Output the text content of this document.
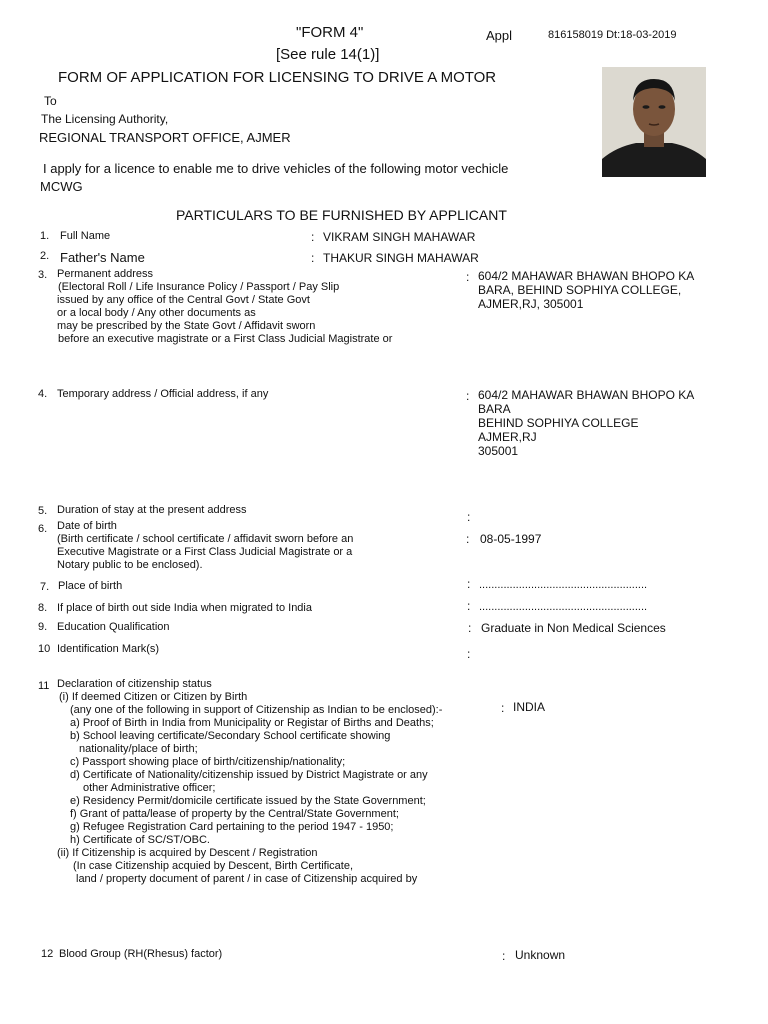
"FORM 4"
[See rule 14(1)]
Appl	816158019 Dt:18-03-2019
FORM OF APPLICATION FOR LICENSING TO DRIVE A MOTOR
To
The Licensing Authority,
REGIONAL TRANSPORT OFFICE, AJMER
I apply for a licence to enable me to drive vehicles of the following motor vechicle
MCWG
PARTICULARS TO BE FURNISHED BY APPLICANT
1. Full Name	: VIKRAM SINGH MAHAWAR
2. Father's Name	: THAKUR SINGH MAHAWAR
3. Permanent address
(Electoral Roll / Life Insurance Policy / Passport / Pay Slip
issued by any office of the Central Govt / State Govt
or a local body / Any other documents as
may be prescribed by the State Govt / Affidavit sworn
before an executive magistrate or a First Class Judicial Magistrate or
: 604/2 MAHAWAR BHAWAN BHOPO KA
BARA, BEHIND SOPHIYA COLLEGE,
AJMER,RJ, 305001
4. Temporary address / Official address, if any	: 604/2 MAHAWAR BHAWAN BHOPO KA
BARA
BEHIND SOPHIYA COLLEGE
AJMER,RJ
305001
5. Duration of stay at the present address	:
6. Date of birth
(Birth certificate / school certificate / affidavit sworn before an
Executive Magistrate or a First Class Judicial Magistrate or a
Notary public to be enclosed).
: 08-05-1997
7. Place of birth	: .......................................................
8. If place of birth out side India when migrated to India	: .......................................................
9. Education Qualification	: Graduate in Non Medical Sciences
10 Identification Mark(s)	:
11 Declaration of citizenship status
(i) If deemed Citizen or Citizen by Birth
(any one of the following in support of Citizenship as Indian to be enclosed):-
a) Proof of Birth in India from Municipality or Registar of Births and Deaths;
b) School leaving certificate/Secondary School certificate showing
nationality/place of birth;
c) Passport showing place of birth/citizenship/nationality;
d) Certificate of Nationality/citizenship issued by District Magistrate or any
other Administrative officer;
e) Residency Permit/domicile certificate issued by the State Government;
f) Grant of patta/lease of property by the Central/State Government;
g) Refugee Registration Card pertaining to the period 1947 - 1950;
h) Certificate of SC/ST/OBC.
(ii) If Citizenship is acquired by Descent / Registration
(In case Citizenship acquied by Descent, Birth Certificate,
land / property document of parent / in case of Citizenship acquired by
: INDIA
12 Blood Group (RH(Rhesus) factor)	: Unknown
